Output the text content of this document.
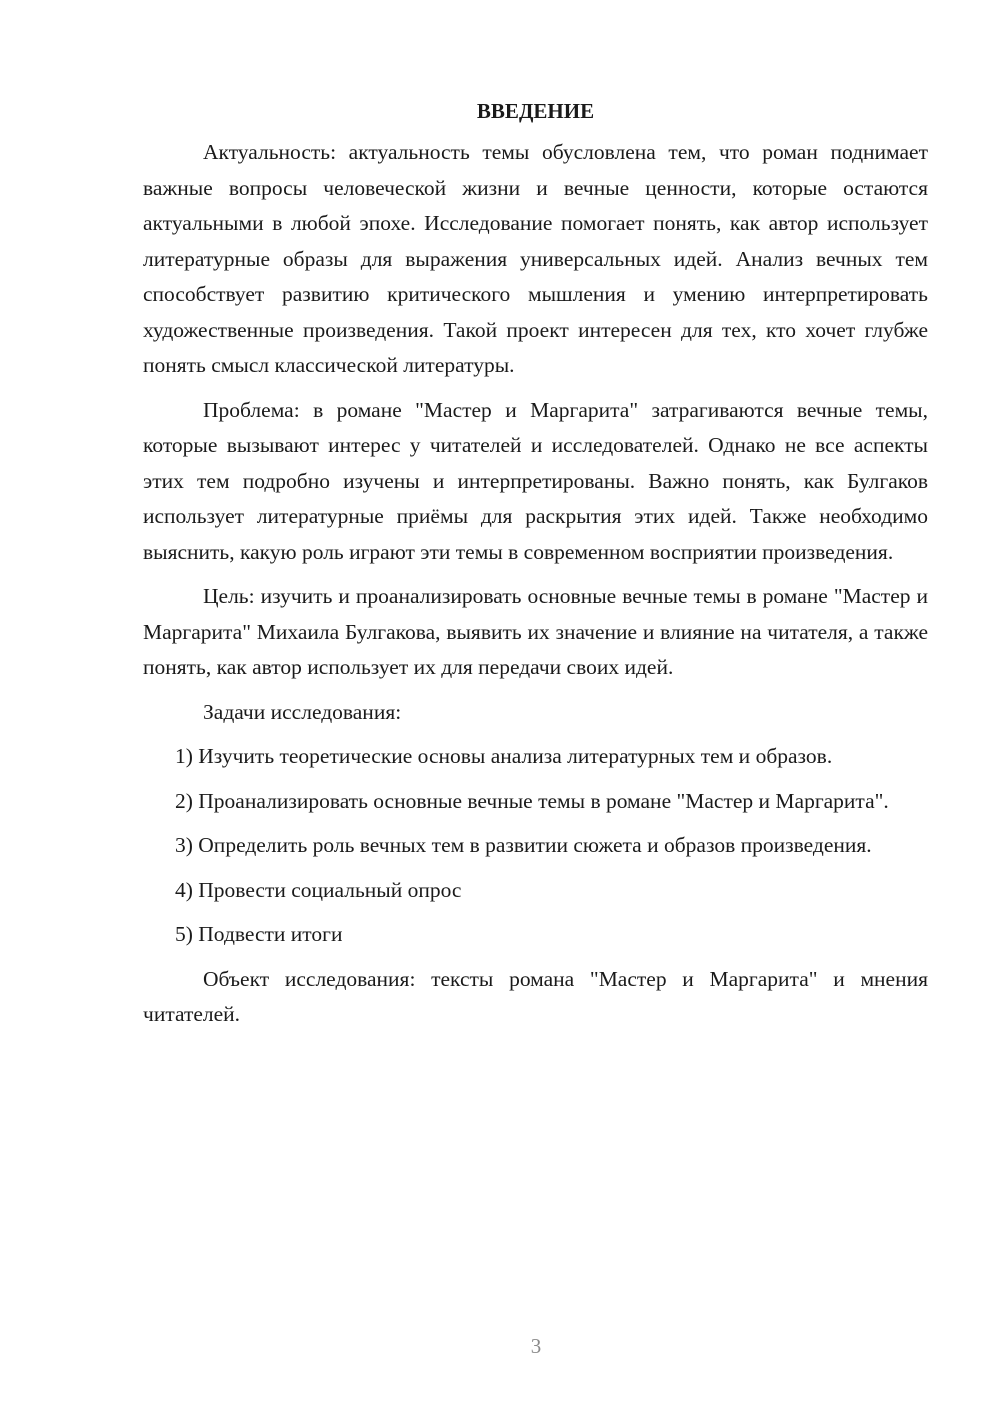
ВВЕДЕНИЕ

Актуальность: актуальность темы обусловлена тем, что роман поднимает важные вопросы человеческой жизни и вечные ценности, которые остаются актуальными в любой эпохе. Исследование помогает понять, как автор использует литературные образы для выражения универсальных идей. Анализ вечных тем способствует развитию критического мышления и умению интерпретировать художественные произведения. Такой проект интересен для тех, кто хочет глубже понять смысл классической литературы.

Проблема: в романе "Мастер и Маргарита" затрагиваются вечные темы, которые вызывают интерес у читателей и исследователей. Однако не все аспекты этих тем подробно изучены и интерпретированы. Важно понять, как Булгаков использует литературные приёмы для раскрытия этих идей. Также необходимо выяснить, какую роль играют эти темы в современном восприятии произведения.

Цель: изучить и проанализировать основные вечные темы в романе "Мастер и Маргарита" Михаила Булгакова, выявить их значение и влияние на читателя, а также понять, как автор использует их для передачи своих идей.

Задачи исследования:

1) Изучить теоретические основы анализа литературных тем и образов.

2) Проанализировать основные вечные темы в романе "Мастер и Маргарита".

3) Определить роль вечных тем в развитии сюжета и образов произведения.

4) Провести социальный опрос

5) Подвести итоги

Объект исследования: тексты романа "Мастер и Маргарита" и мнения читателей.

3
